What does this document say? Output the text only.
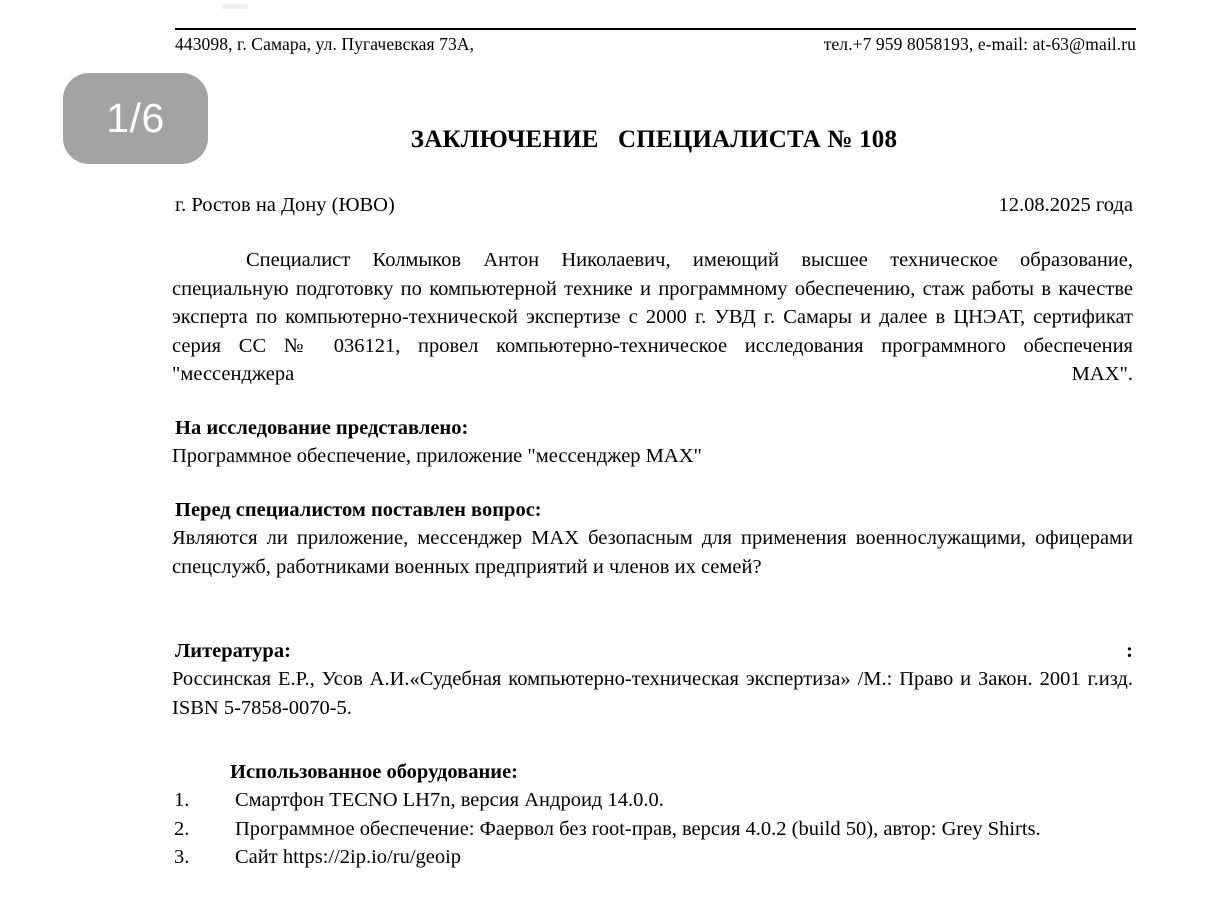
443098, г. Самара, ул. Пугачевская 73А,	тел.+7 959 8058193, e-mail: at-63@mail.ru
1/6	ЗАКЛЮЧЕНИЕ   СПЕЦИАЛИСТА № 108
г. Ростов на Дону (ЮВО)	12.08.2025 года

Специалист Колмыков Антон Николаевич, имеющий высшее техническое образование, специальную подготовку по компьютерной технике и программному обеспечению, стаж работы в качестве эксперта по компьютерно-технической экспертизе с 2000 г. УВД г. Самары и далее в ЦНЭАТ, сертификат серия СС № 036121, провел компьютерно-техническое исследования программного обеспечения "мессенджера MAX".

На исследование представлено:

Программное обеспечение, приложение "мессенджер MAX"

Перед специалистом поставлен вопрос:

Являются ли приложение, мессенджер MAX безопасным для применения военнослужащими, офицерами спецслужб, работниками военных предприятий и членов их семей?

Литература:	:

Россинская Е.Р., Усов А.И.«Судебная компьютерно-техническая экспертиза» /М.: Право и Закон. 2001 г.изд. ISBN 5-7858-0070-5.

Использованное оборудование:
1.	Смартфон TECNO LH7n, версия Андроид 14.0.0.
2.	Программное обеспечение: Фаервол без root-прав, версия 4.0.2 (build 50), автор: Grey Shirts.
3.	Сайт https://2ip.io/ru/geoip
